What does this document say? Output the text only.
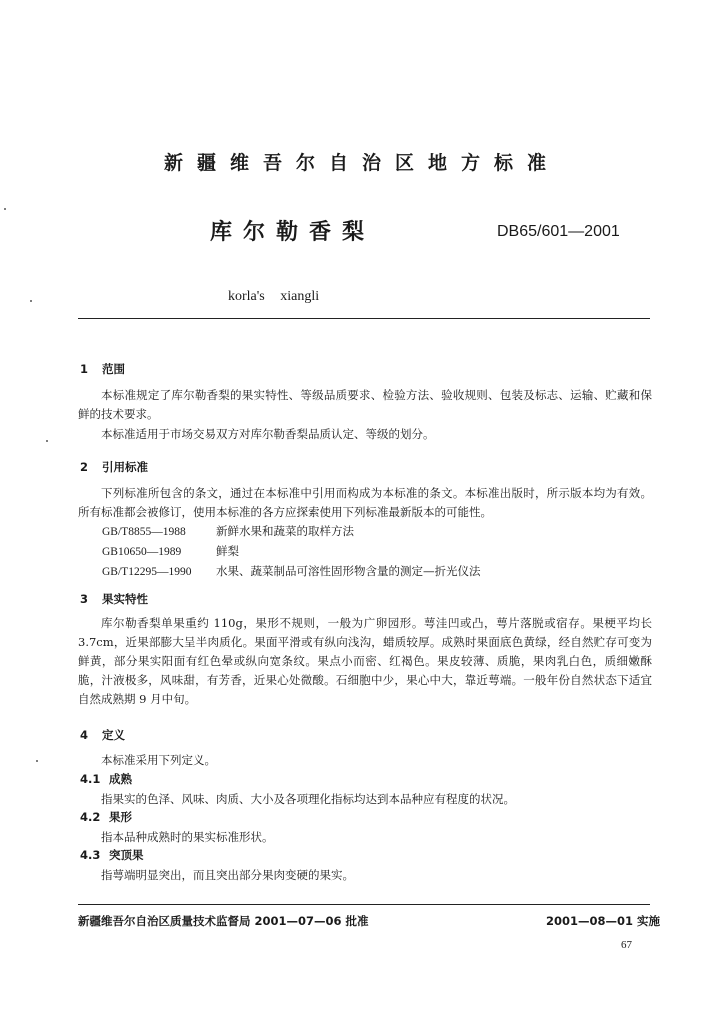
新疆维吾尔自治区地方标准
库尔勒香梨	DB65/601—2001
korla's xiangli
1 范围
本标准规定了库尔勒香梨的果实特性、等级品质要求、检验方法、验收规则、包装及标志、运输、贮藏和保鲜的技术要求。
本标准适用于市场交易双方对库尔勒香梨品质认定、等级的划分。
2 引用标准
下列标准所包含的条文，通过在本标准中引用而构成为本标准的条文。本标准出版时，所示版本均为有效。所有标准都会被修订，使用本标准的各方应探索使用下列标准最新版本的可能性。
GB/T8855—1988	新鲜水果和蔬菜的取样方法
GB10650—1989	鲜梨
GB/T12295—1990 水果、蔬菜制品可溶性固形物含量的测定—折光仪法
3 果实特性
库尔勒香梨单果重约 110g，果形不规则，一般为广卵园形。萼洼凹或凸，萼片落脱或宿存。果梗平均长 3.7cm，近果部膨大呈半肉质化。果面平滑或有纵向浅沟，蜡质较厚。成熟时果面底色黄绿，经自然贮存可变为鲜黄，部分果实阳面有红色晕或纵向宽条纹。果点小而密、红褐色。果皮较薄、质脆，果肉乳白色，质细嫩酥脆，汁液极多，风味甜，有芳香，近果心处微酸。石细胞中少，果心中大，靠近萼端。一般年份自然状态下适宜自然成熟期 9 月中旬。
4 定义
本标准采用下列定义。
4.1 成熟
指果实的色泽、风味、肉质、大小及各项理化指标均达到本品种应有程度的状况。
4.2 果形
指本品种成熟时的果实标准形状。
4.3 突顶果
指萼端明显突出，而且突出部分果肉变硬的果实。
新疆维吾尔自治区质量技术监督局 2001—07—06 批准	2001—08—01 实施
67
